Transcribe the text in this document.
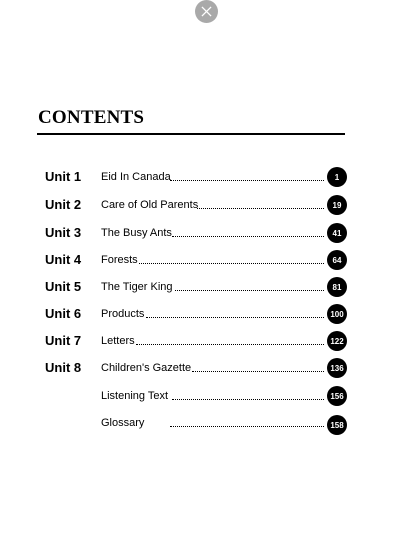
CONTENTS
Unit 1 Eid In Canada	1
Unit 2 Care of Old Parents	19
Unit 3 The Busy Ants	41
Unit 4 Forests	64
Unit 5 The Tiger King	81
Unit 6 Products	100
Unit 7 Letters	122
Unit 8 Children's Gazette	136
Listening Text	156
Glossary	158
